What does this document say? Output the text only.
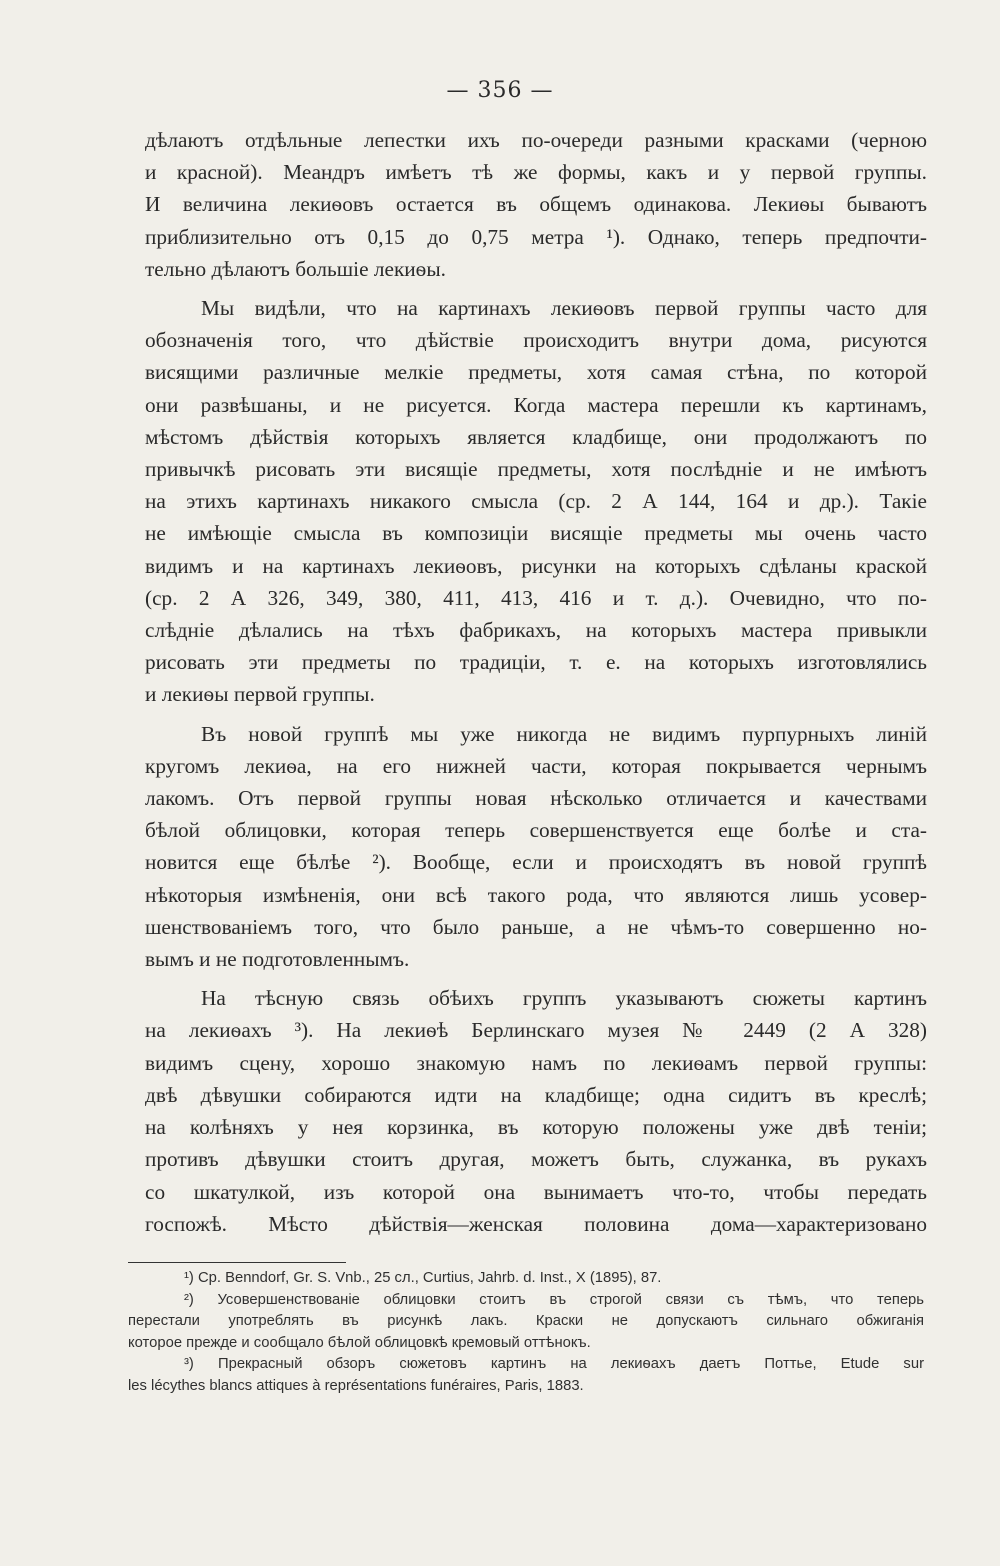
— 356 —
дѣлаютъ отдѣльные лепестки ихъ по-очереди разными красками (черною
и красной). Меандръ имѣетъ тѣ же формы, какъ и у первой группы.
И величина лекиѳовъ остается въ общемъ одинакова. Лекиѳы бываютъ
приблизительно отъ 0,15 до 0,75 метра ¹). Однако, теперь предпочти-
тельно дѣлаютъ большіе лекиѳы.
Мы видѣли, что на картинахъ лекиѳовъ первой группы часто для
обозначенія того, что дѣйствіе происходитъ внутри дома, рисуются
висящими различные мелкіе предметы, хотя самая стѣна, по которой
они развѣшаны, и не рисуется. Когда мастера перешли къ картинамъ,
мѣстомъ дѣйствія которыхъ является кладбище, они продолжаютъ по
привычкѣ рисовать эти висящіе предметы, хотя послѣдніе и не имѣютъ
на этихъ картинахъ никакого смысла (ср. 2 А 144, 164 и др.). Такіе
не имѣющіе смысла въ композиціи висящіе предметы мы очень часто
видимъ и на картинахъ лекиѳовъ, рисунки на которыхъ сдѣланы краской
(ср. 2 А 326, 349, 380, 411, 413, 416 и т. д.). Очевидно, что по-
слѣдніе дѣлались на тѣхъ фабрикахъ, на которыхъ мастера привыкли
рисовать эти предметы по традиціи, т. е. на которыхъ изготовлялись
и лекиѳы первой группы.
Въ новой группѣ мы уже никогда не видимъ пурпурныхъ линій
кругомъ лекиѳа, на его нижней части, которая покрывается чернымъ
лакомъ. Отъ первой группы новая нѣсколько отличается и качествами
бѣлой облицовки, которая теперь совершенствуется еще болѣе и ста-
новится еще бѣлѣе ²). Вообще, если и происходятъ въ новой группѣ
нѣкоторыя измѣненія, они всѣ такого рода, что являются лишь усовер-
шенствованіемъ того, что было раньше, а не чѣмъ-то совершенно но-
вымъ и не подготовленнымъ.
На тѣсную связь обѣихъ группъ указываютъ сюжеты картинъ
на лекиѳахъ ³). На лекиѳѣ Берлинскаго музея № 2449 (2 А 328)
видимъ сцену, хорошо знакомую намъ по лекиѳамъ первой группы:
двѣ дѣвушки собираются идти на кладбище; одна сидитъ въ креслѣ;
на колѣняхъ у нея корзинка, въ которую положены уже двѣ теніи;
противъ дѣвушки стоитъ другая, можетъ быть, служанка, въ рукахъ
со шкатулкой, изъ которой она вынимаетъ что-то, чтобы передать
госпожѣ. Мѣсто дѣйствія—женская половина дома—характеризовано
¹) Ср. Benndorf, Gr. S. Vnb., 25 сл., Curtius, Jahrb. d. Inst., X (1895), 87.
²) Усовершенствованіе облицовки стоитъ въ строгой связи съ тѣмъ, что теперь
перестали употреблять въ рисункѣ лакъ. Краски не допускаютъ сильнаго обжиганія
которое прежде и сообщало бѣлой облицовкѣ кремовый оттѣнокъ.
³) Прекрасный обзоръ сюжетовъ картинъ на лекиѳахъ даетъ Поттье, Etude sur
les lécythes blancs attiques à représentations funéraires, Paris, 1883.
